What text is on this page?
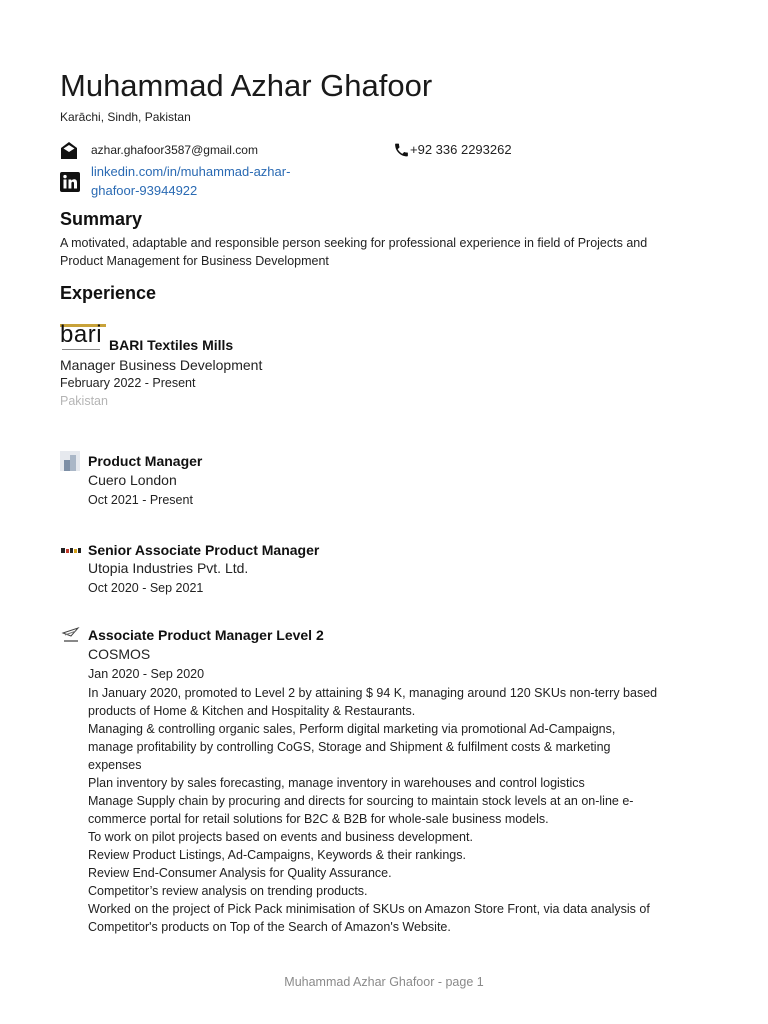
Muhammad Azhar Ghafoor
Karāchi, Sindh, Pakistan
azhar.ghafoor3587@gmail.com	+92 336 2293262
linkedin.com/in/muhammad-azhar-
ghafoor-93944922
Summary
A motivated, adaptable and responsible person seeking for professional experience in field of Projects and
Product Management for Business Development
Experience
bari BARI Textiles Mills
Manager Business Development
February 2022 - Present
Pakistan
Product Manager
Cuero London
Oct 2021 - Present
Senior Associate Product Manager
Utopia Industries Pvt. Ltd.
Oct 2020 - Sep 2021
Associate Product Manager Level 2
COSMOS
Jan 2020 - Sep 2020
In January 2020, promoted to Level 2 by attaining $ 94 K, managing around 120 SKUs non-terry based
products of Home & Kitchen and Hospitality & Restaurants.
Managing & controlling organic sales, Perform digital marketing via promotional Ad-Campaigns,
manage profitability by controlling CoGS, Storage and Shipment & fulfilment costs & marketing
expenses
Plan inventory by sales forecasting, manage inventory in warehouses and control logistics
Manage Supply chain by procuring and directs for sourcing to maintain stock levels at an on-line e-
commerce portal for retail solutions for B2C & B2B for whole-sale business models.
To work on pilot projects based on events and business development.
Review Product Listings, Ad-Campaigns, Keywords & their rankings.
Review End-Consumer Analysis for Quality Assurance.
Competitor’s review analysis on trending products.
Worked on the project of Pick Pack minimisation of SKUs on Amazon Store Front, via data analysis of
Competitor's products on Top of the Search of Amazon's Website.
Muhammad Azhar Ghafoor - page 1
